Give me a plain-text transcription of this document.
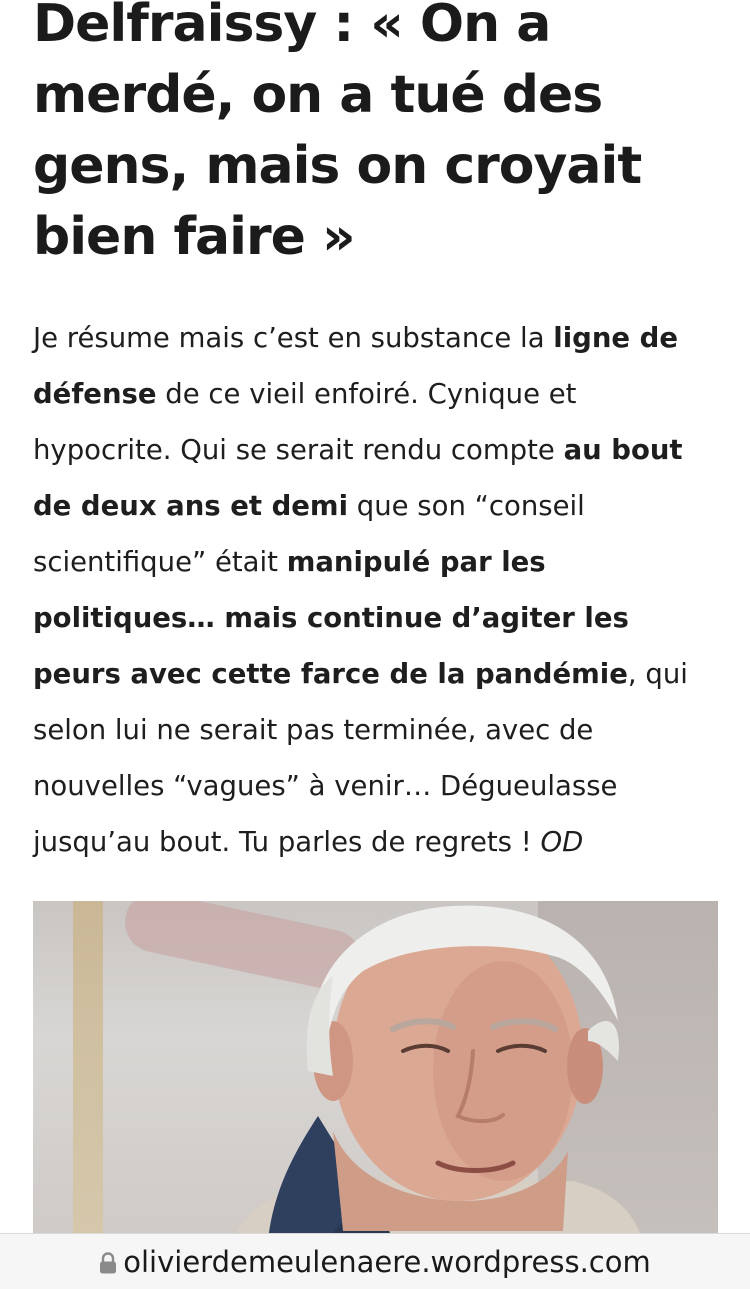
Delfraissy : « On a merdé, on a tué des gens, mais on croyait bien faire »

Je résume mais c’est en substance la ligne de défense de ce vieil enfoiré. Cynique et hypocrite. Qui se serait rendu compte au bout de deux ans et demi que son “conseil scientifique” était manipulé par les politiques… mais continue d’agiter les peurs avec cette farce de la pandémie, qui selon lui ne serait pas terminée, avec de nouvelles “vagues” à venir… Dégueulasse jusqu’au bout. Tu parles de regrets ! OD

olivierdemeulenaere.wordpress.com
